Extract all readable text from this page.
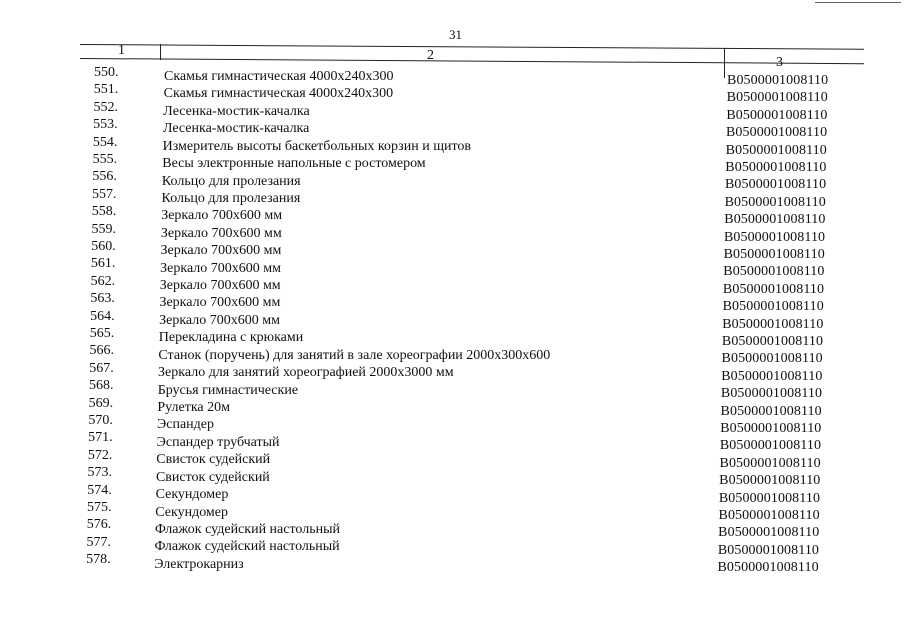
31
1	2	3
550.	Скамья гимнастическая 4000х240х300	В0500001008110
551.	Скамья гимнастическая 4000х240х300	В0500001008110
552.	Лесенка-мостик-качалка	В0500001008110
553.	Лесенка-мостик-качалка	В0500001008110
554.	Измеритель высоты баскетбольных корзин и щитов	В0500001008110
555.	Весы электронные напольные с ростомером	В0500001008110
556.	Кольцо для пролезания	В0500001008110
557.	Кольцо для пролезания	В0500001008110
558.	Зеркало 700х600 мм	В0500001008110
559.	Зеркало 700х600 мм	В0500001008110
560.	Зеркало 700х600 мм	В0500001008110
561.	Зеркало 700х600 мм	В0500001008110
562.	Зеркало 700х600 мм	В0500001008110
563.	Зеркало 700х600 мм	В0500001008110
564.	Зеркало 700х600 мм	В0500001008110
565.	Перекладина с крюками	В0500001008110
566.	Станок (поручень) для занятий в зале хореографии 2000х300х600	В0500001008110
567.	Зеркало для занятий хореографией 2000х3000 мм	В0500001008110
568.	Брусья гимнастические	В0500001008110
569.	Рулетка 20м	В0500001008110
570.	Эспандер	В0500001008110
571.	Эспандер трубчатый	В0500001008110
572.	Свисток судейский	В0500001008110
573.	Свисток судейский	В0500001008110
574.	Секундомер	В0500001008110
575.	Секундомер	В0500001008110
576.	Флажок судейский настольный	В0500001008110
577.	Флажок судейский настольный	В0500001008110
578.	Электрокарниз	В0500001008110
